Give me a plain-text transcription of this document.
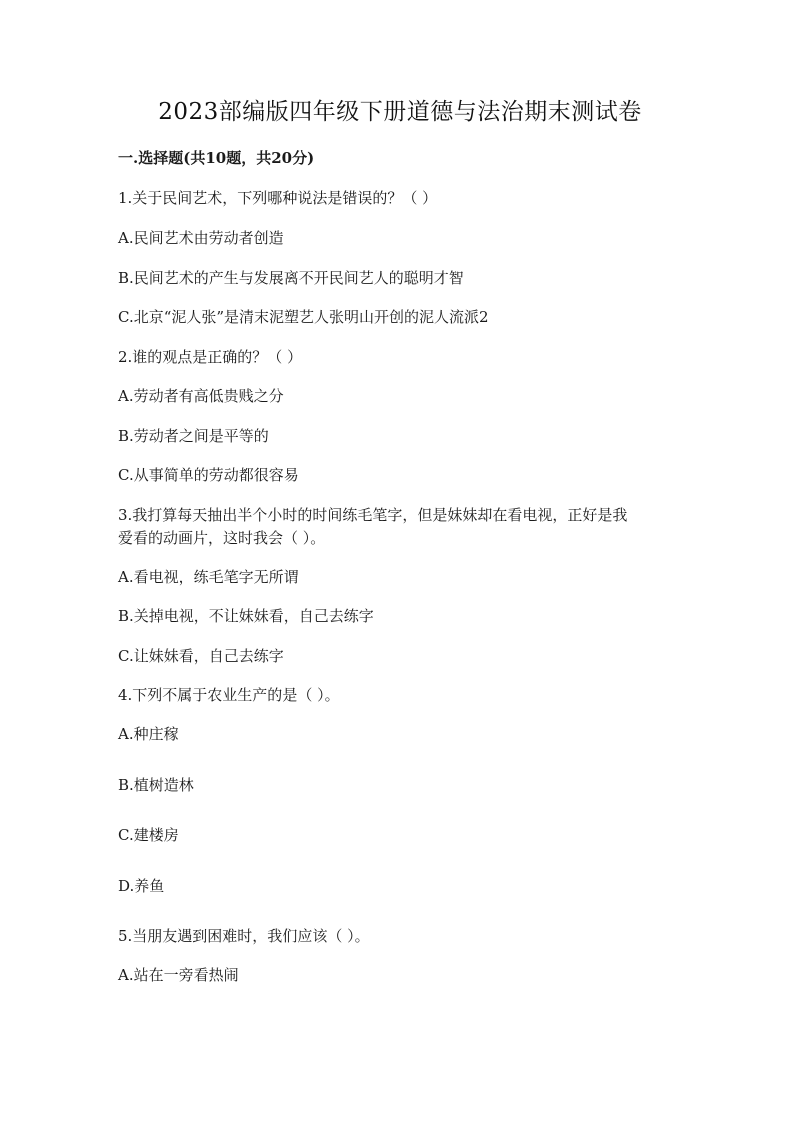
2023部编版四年级下册道德与法治期末测试卷
一.选择题(共10题，共20分)
1.关于民间艺术，下列哪种说法是错误的？（ ）
A.民间艺术由劳动者创造
B.民间艺术的产生与发展离不开民间艺人的聪明才智
C.北京“泥人张”是清末泥塑艺人张明山开创的泥人流派2
2.谁的观点是正确的？（ ）
A.劳动者有高低贵贱之分
B.劳动者之间是平等的
C.从事简单的劳动都很容易
3.我打算每天抽出半个小时的时间练毛笔字，但是妹妹却在看电视，正好是我
爱看的动画片，这时我会（ ）。
A.看电视，练毛笔字无所谓
B.关掉电视，不让妹妹看，自己去练字
C.让妹妹看，自己去练字
4.下列不属于农业生产的是（ ）。
A.种庄稼
B.植树造林
C.建楼房
D.养鱼
5.当朋友遇到困难时，我们应该（ ）。
A.站在一旁看热闹
